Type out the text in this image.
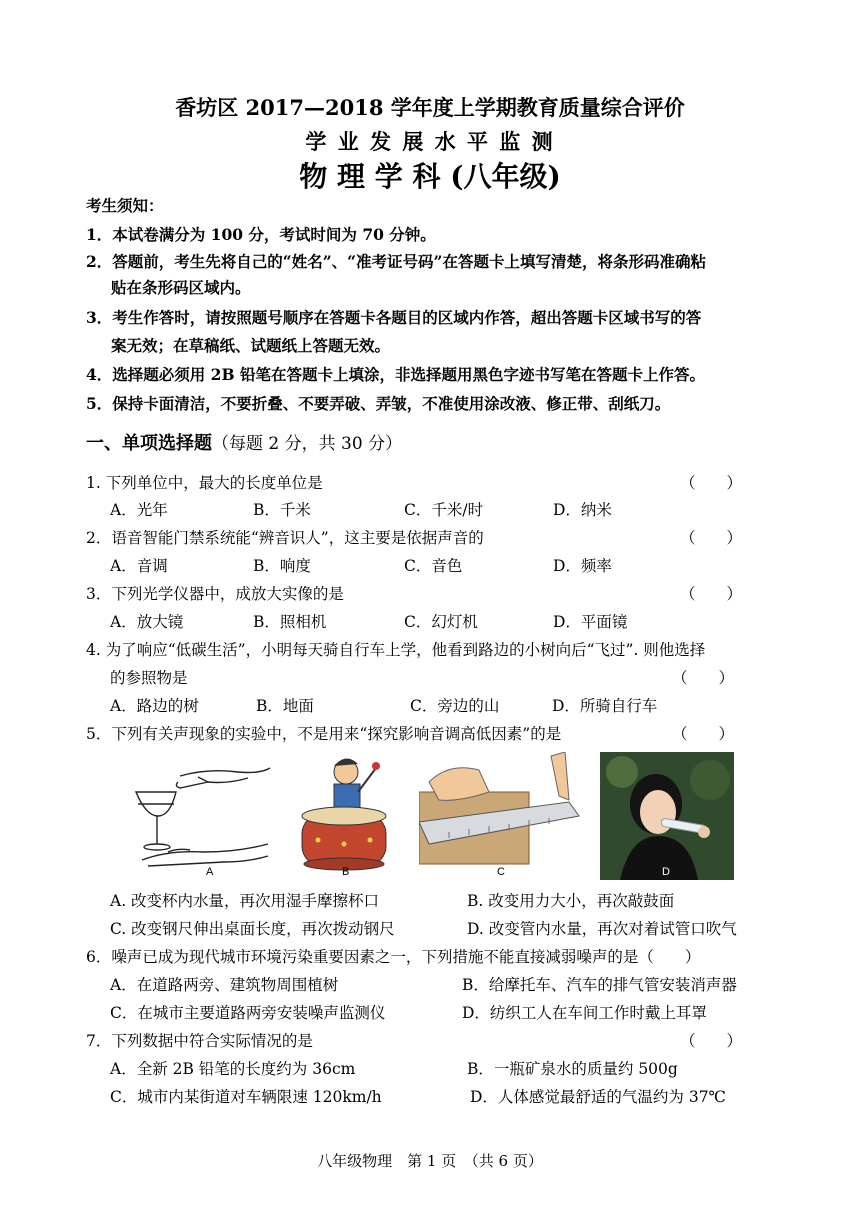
香坊区 2017—2018 学年度上学期教育质量综合评价
学 业 发 展 水 平 监 测
物 理 学 科 (八年级)
考生须知：
1．本试卷满分为 100 分，考试时间为 70 分钟。
2．答题前，考生先将自己的“姓名”、“准考证号码”在答题卡上填写清楚，将条形码准确粘
贴在条形码区域内。
3．考生作答时，请按照题号顺序在答题卡各题目的区域内作答，超出答题卡区域书写的答
案无效；在草稿纸、试题纸上答题无效。
4．选择题必须用 2B 铅笔在答题卡上填涂，非选择题用黑色字迹书写笔在答题卡上作答。
5．保持卡面清洁，不要折叠、不要弄破、弄皱，不准使用涂改液、修正带、刮纸刀。
一、单项选择题（每题 2 分，共 30 分）
1. 下列单位中，最大的长度单位是	（　　）
A．光年	B．千米	C．千米/时	D．纳米
2．语音智能门禁系统能“辨音识人”，这主要是依据声音的	（　　）
A．音调	B．响度	C．音色	D．频率
3．下列光学仪器中，成放大实像的是	（　　）
A．放大镜	B．照相机	C．幻灯机	D．平面镜
4. 为了响应“低碳生活”，小明每天骑自行车上学，他看到路边的小树向后“飞过”. 则他选择
的参照物是	（　　）
A．路边的树	B．地面	C．旁边的山	D．所骑自行车
5．下列有关声现象的实验中，不是用来“探究影响音调高低因素”的是	（　　）
A	B	C	D
A. 改变杯内水量，再次用湿手摩擦杯口	B. 改变用力大小，再次敲鼓面
C. 改变钢尺伸出桌面长度，再次拨动钢尺	D. 改变管内水量，再次对着试管口吹气
6．噪声已成为现代城市环境污染重要因素之一，下列措施不能直接减弱噪声的是（　　）
A．在道路两旁、建筑物周围植树	B．给摩托车、汽车的排气管安装消声器
C．在城市主要道路两旁安装噪声监测仪	D．纺织工人在车间工作时戴上耳罩
7．下列数据中符合实际情况的是	（　　）
A．全新 2B 铅笔的长度约为 36cm	B．一瓶矿泉水的质量约 500g
C．城市内某街道对车辆限速 120km/h	D．人体感觉最舒适的气温约为 37℃
八年级物理　第 1 页　（共 6 页）
